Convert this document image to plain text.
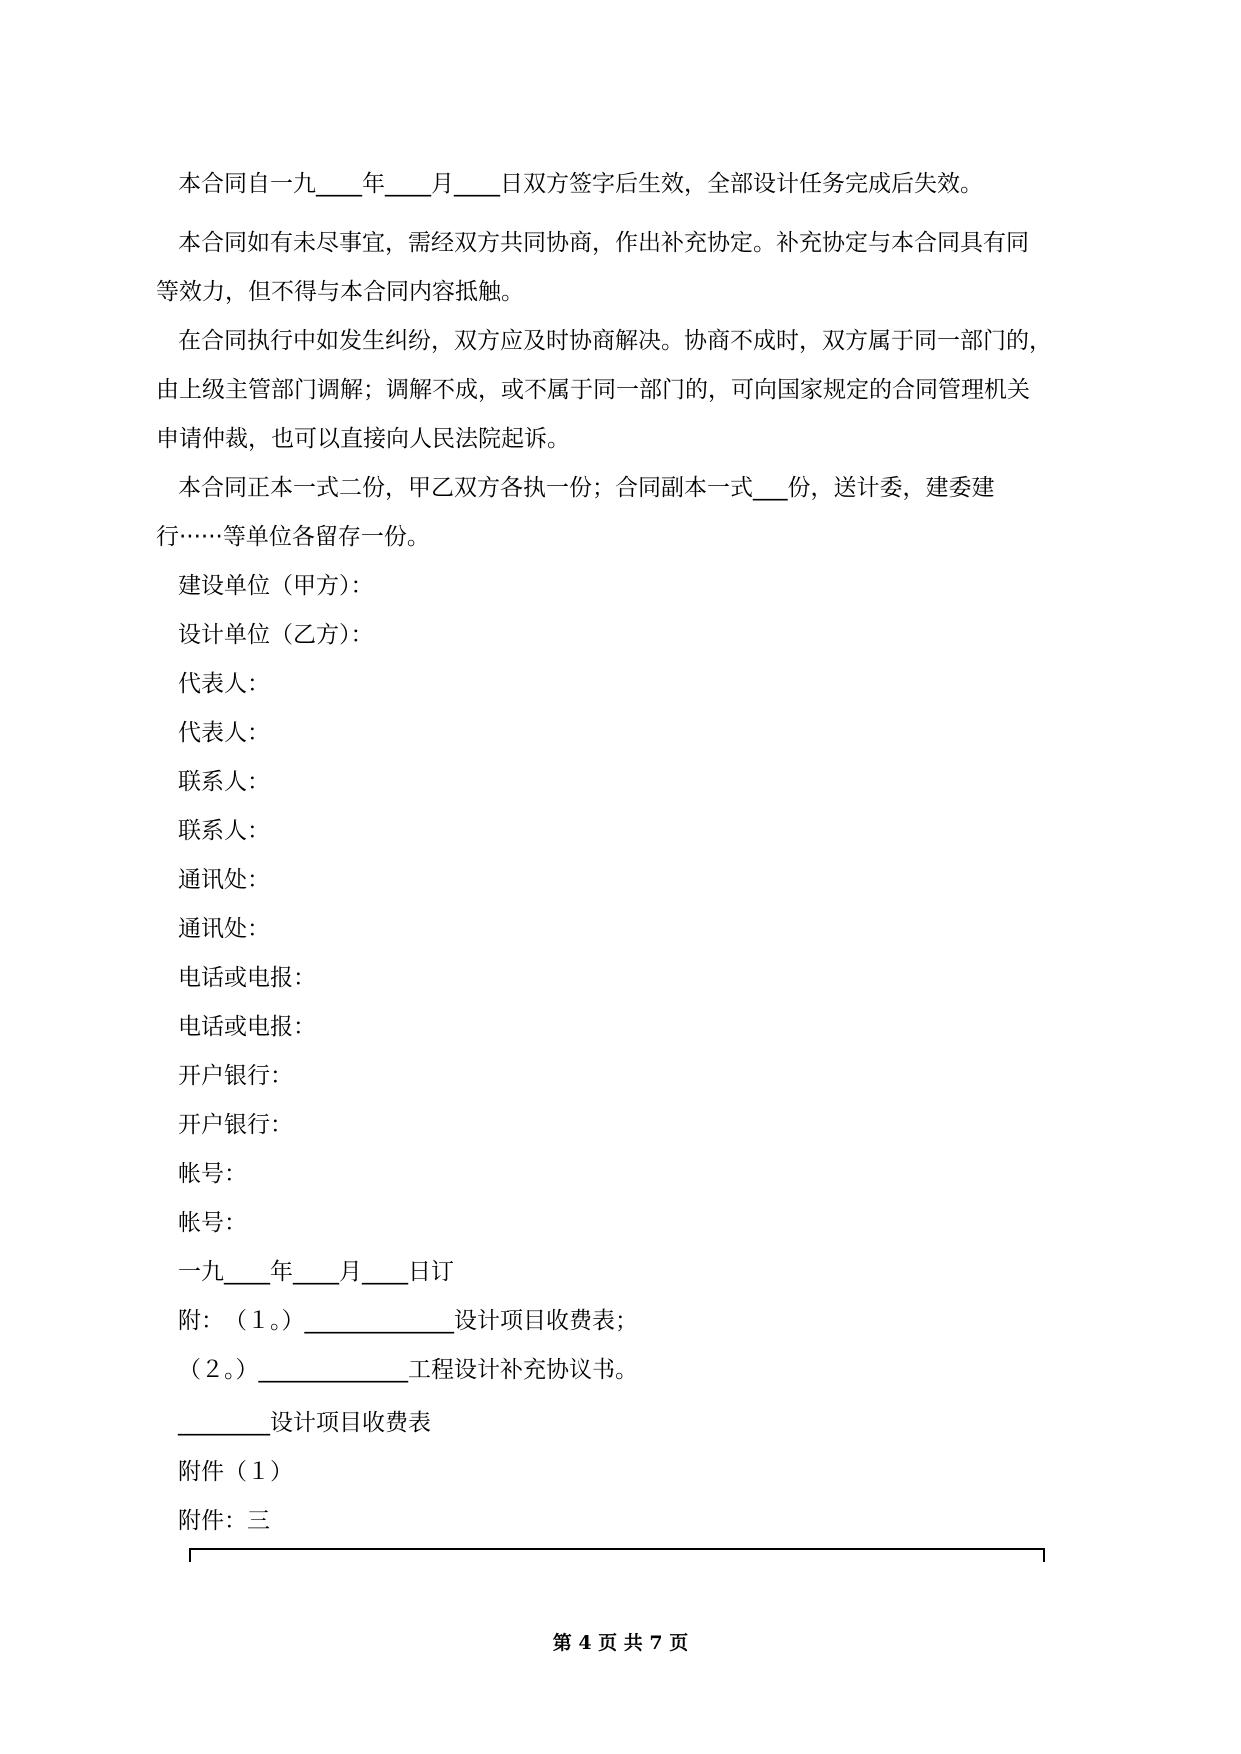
本合同自一九____年____月____日双方签字后生效，全部设计任务完成后失效。
本合同如有未尽事宜，需经双方共同协商，作出补充协定。补充协定与本合同具有同
等效力，但不得与本合同内容抵触。
在合同执行中如发生纠纷，双方应及时协商解决。协商不成时，双方属于同一部门的，
由上级主管部门调解；调解不成，或不属于同一部门的，可向国家规定的合同管理机关
申请仲裁，也可以直接向人民法院起诉。
本合同正本一式二份，甲乙双方各执一份；合同副本一式___份，送计委，建委建
行······等单位各留存一份。
建设单位（甲方）：
设计单位（乙方）：
代表人：
代表人：
联系人：
联系人：
通讯处：
通讯处：
电话或电报：
电话或电报：
开户银行：
开户银行：
帐号：
帐号：
一九____年____月____日订
附：　（１。）_____________设计项目收费表；
（２。）_____________工程设计补充协议书。
________设计项目收费表
附件（１）
附件：三
第 4 页 共 7 页
